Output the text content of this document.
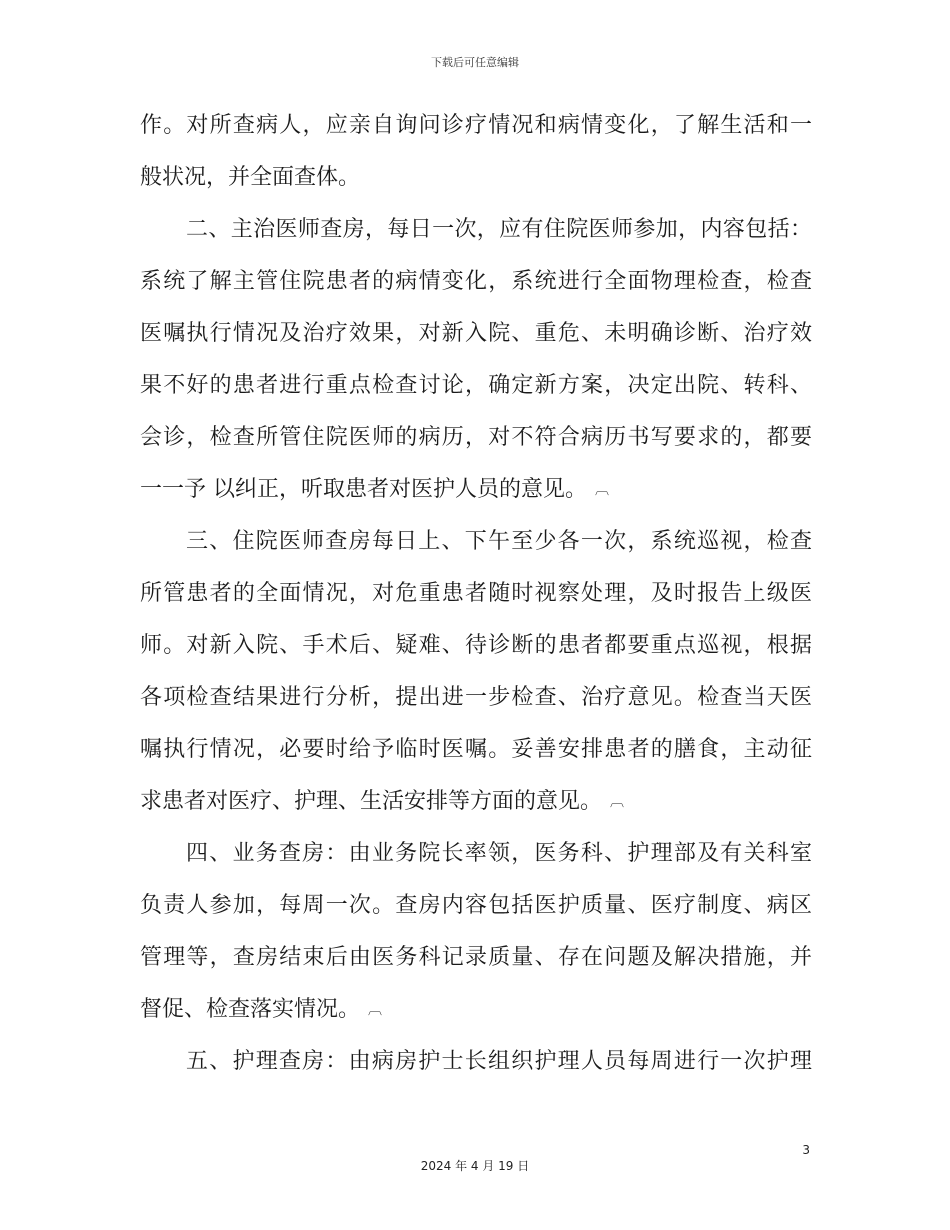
下载后可任意编辑
作。对所查病人，应亲自询问诊疗情况和病情变化，了解生活和一
般状况，并全面查体。
二、主治医师查房，每日一次，应有住院医师参加，内容包括：
系统了解主管住院患者的病情变化，系统进行全面物理检查，检查
医嘱执行情况及治疗效果，对新入院、重危、未明确诊断、治疗效
果不好的患者进行重点检查讨论，确定新方案，决定出院、转科、
会诊，检查所管住院医师的病历，对不符合病历书写要求的，都要
一一予 以纠正，听取患者对医护人员的意见。 ︹
三、住院医师查房每日上、下午至少各一次，系统巡视，检查
所管患者的全面情况，对危重患者随时视察处理，及时报告上级医
师。对新入院、手术后、疑难、待诊断的患者都要重点巡视，根据
各项检查结果进行分析，提出进一步检查、治疗意见。检查当天医
嘱执行情况，必要时给予临时医嘱。妥善安排患者的膳食，主动征
求患者对医疗、护理、生活安排等方面的意见。 ︹
四、业务查房：由业务院长率领，医务科、护理部及有关科室
负责人参加，每周一次。查房内容包括医护质量、医疗制度、病区
管理等，查房结束后由医务科记录质量、存在问题及解决措施，并
督促、检查落实情况。 ︹
五、护理查房：由病房护士长组织护理人员每周进行一次护理
3
2024 年 4 月 19 日
